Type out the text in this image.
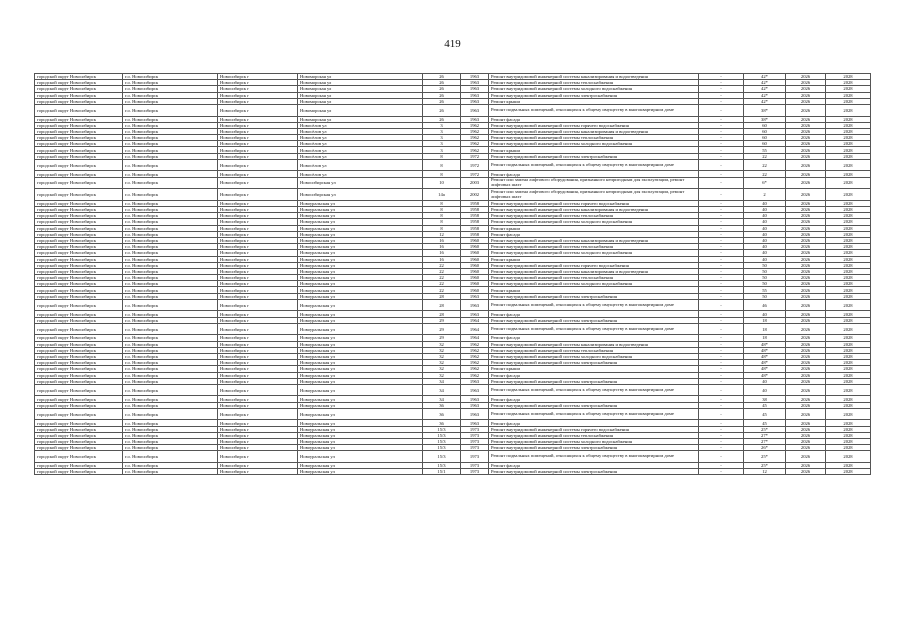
419
городской округ Новосибирск	г.о. Новосибирск	Новосибирск г	Новоморская ул	26	1963	Ремонт внутридомовой инженерной системы канализирования и водоотведения	-	42*	2026	2028
городской округ Новосибирск	г.о. Новосибирск	Новосибирск г	Новоморская ул	26	1963	Ремонт внутридомовой инженерной системы теплоснабжения	-	42*	2026	2028
городской округ Новосибирск	г.о. Новосибирск	Новосибирск г	Новоморская ул	26	1963	Ремонт внутридомовой инженерной системы холодного водоснабжения	-	42*	2026	2028
городской округ Новосибирск	г.о. Новосибирск	Новосибирск г	Новоморская ул	26	1963	Ремонт внутридомовой инженерной системы электроснабжения	-	42*	2026	2028
городской округ Новосибирск	г.о. Новосибирск	Новосибирск г	Новоморская ул	26	1963	Ремонт крыши	-	42*	2026	2028
городской округ Новосибирск	г.о. Новосибирск	Новосибирск г	Новоморская ул	26	1963	Ремонт подвальных помещений, относящихся к общему имуществу в многоквартирном доме	-	38*	2026	2028
городской округ Новосибирск	г.о. Новосибирск	Новосибирск г	Новоморская ул	26	1963	Ремонт фасада	-	38*	2026	2028
городской округ Новосибирск	г.о. Новосибирск	Новосибирск г	Новосёлов ул	3	1962	Ремонт внутридомовой инженерной системы горячего водоснабжения	-	60	2026	2028
городской округ Новосибирск	г.о. Новосибирск	Новосибирск г	Новосёлов ул	3	1962	Ремонт внутридомовой инженерной системы канализирования и водоотведения	-	60	2026	2028
городской округ Новосибирск	г.о. Новосибирск	Новосибирск г	Новосёлов ул	3	1962	Ремонт внутридомовой инженерной системы теплоснабжения	-	60	2026	2028
городской округ Новосибирск	г.о. Новосибирск	Новосибирск г	Новосёлов ул	3	1962	Ремонт внутридомовой инженерной системы холодного водоснабжения	-	60	2026	2028
городской округ Новосибирск	г.о. Новосибирск	Новосибирск г	Новосёлов ул	3	1962	Ремонт крыши	-	55	2026	2028
городской округ Новосибирск	г.о. Новосибирск	Новосибирск г	Новосёлов ул	8	1972	Ремонт внутридомовой инженерной системы электроснабжения	-	22	2026	2028
городской округ Новосибирск	г.о. Новосибирск	Новосибирск г	Новосёлов ул	8	1972	Ремонт подвальных помещений, относящихся к общему имуществу в многоквартирном доме	-	22	2026	2028
городской округ Новосибирск	г.о. Новосибирск	Новосибирск г	Новосёлов ул	8	1972	Ремонт фасада	-	22	2026	2028
городской округ Новосибирск	г.о. Новосибирск	Новосибирск г	Новосибирская ул	10	2003	Ремонт или замена лифтового оборудования, признанного непригодным для эксплуатации, ремонт лифтовых шахт	-	6*	2026	2028
городской округ Новосибирск	г.о. Новосибирск	Новосибирск г	Новосибирская ул	14а	2002	Ремонт или замена лифтового оборудования, признанного непригодным для эксплуатации, ремонт лифтовых шахт	-	2	2026	2028
городской округ Новосибирск	г.о. Новосибирск	Новосибирск г	Новоуральская ул	8	1958	Ремонт внутридомовой инженерной системы горячего водоснабжения	-	40	2026	2028
городской округ Новосибирск	г.о. Новосибирск	Новосибирск г	Новоуральская ул	8	1958	Ремонт внутридомовой инженерной системы канализирования и водоотведения	-	40	2026	2028
городской округ Новосибирск	г.о. Новосибирск	Новосибирск г	Новоуральская ул	8	1958	Ремонт внутридомовой инженерной системы теплоснабжения	-	40	2026	2028
городской округ Новосибирск	г.о. Новосибирск	Новосибирск г	Новоуральская ул	8	1958	Ремонт внутридомовой инженерной системы холодного водоснабжения	-	40	2026	2028
городской округ Новосибирск	г.о. Новосибирск	Новосибирск г	Новоуральская ул	8	1958	Ремонт крыши	-	40	2026	2028
городской округ Новосибирск	г.о. Новосибирск	Новосибирск г	Новоуральская ул	12	1958	Ремонт фасада	-	40	2026	2028
городской округ Новосибирск	г.о. Новосибирск	Новосибирск г	Новоуральская ул	16	1960	Ремонт внутридомовой инженерной системы канализирования и водоотведения	-	40	2026	2028
городской округ Новосибирск	г.о. Новосибирск	Новосибирск г	Новоуральская ул	16	1960	Ремонт внутридомовой инженерной системы теплоснабжения	-	40	2026	2028
городской округ Новосибирск	г.о. Новосибирск	Новосибирск г	Новоуральская ул	16	1960	Ремонт внутридомовой инженерной системы холодного водоснабжения	-	40	2026	2028
городской округ Новосибирск	г.о. Новосибирск	Новосибирск г	Новоуральская ул	16	1960	Ремонт крыши	-	40	2026	2028
городской округ Новосибирск	г.о. Новосибирск	Новосибирск г	Новоуральская ул	22	1960	Ремонт внутридомовой инженерной системы горячего водоснабжения	-	50	2026	2028
городской округ Новосибирск	г.о. Новосибирск	Новосибирск г	Новоуральская ул	22	1960	Ремонт внутридомовой инженерной системы канализирования и водоотведения	-	50	2026	2028
городской округ Новосибирск	г.о. Новосибирск	Новосибирск г	Новоуральская ул	22	1960	Ремонт внутридомовой инженерной системы теплоснабжения	-	50	2026	2028
городской округ Новосибирск	г.о. Новосибирск	Новосибирск г	Новоуральская ул	22	1960	Ремонт внутридомовой инженерной системы холодного водоснабжения	-	50	2026	2028
городской округ Новосибирск	г.о. Новосибирск	Новосибирск г	Новоуральская ул	22	1960	Ремонт крыши	-	55	2026	2028
городской округ Новосибирск	г.о. Новосибирск	Новосибирск г	Новоуральская ул	28	1963	Ремонт внутридомовой инженерной системы электроснабжения	-	50	2026	2028
городской округ Новосибирск	г.о. Новосибирск	Новосибирск г	Новоуральская ул	28	1963	Ремонт подвальных помещений, относящихся к общему имуществу в многоквартирном доме	-	46	2026	2028
городской округ Новосибирск	г.о. Новосибирск	Новосибирск г	Новоуральская ул	28	1963	Ремонт фасада	-	40	2026	2028
городской округ Новосибирск	г.о. Новосибирск	Новосибирск г	Новоуральская ул	29	1964	Ремонт внутридомовой инженерной системы электроснабжения	-	18	2026	2028
городской округ Новосибирск	г.о. Новосибирск	Новосибирск г	Новоуральская ул	29	1964	Ремонт подвальных помещений, относящихся к общему имуществу в многоквартирном доме	-	18	2026	2028
городской округ Новосибирск	г.о. Новосибирск	Новосибирск г	Новоуральская ул	29	1964	Ремонт фасада	-	18	2026	2028
городской округ Новосибирск	г.о. Новосибирск	Новосибирск г	Новоуральская ул	32	1962	Ремонт внутридомовой инженерной системы канализирования и водоотведения	-	48*	2026	2028
городской округ Новосибирск	г.о. Новосибирск	Новосибирск г	Новоуральская ул	32	1962	Ремонт внутридомовой инженерной системы теплоснабжения	-	48*	2026	2028
городской округ Новосибирск	г.о. Новосибирск	Новосибирск г	Новоуральская ул	32	1962	Ремонт внутридомовой инженерной системы холодного водоснабжения	-	48*	2026	2028
городской округ Новосибирск	г.о. Новосибирск	Новосибирск г	Новоуральская ул	32	1962	Ремонт внутридомовой инженерной системы электроснабжения	-	48*	2026	2028
городской округ Новосибирск	г.о. Новосибирск	Новосибирск г	Новоуральская ул	32	1962	Ремонт крыши	-	48*	2026	2028
городской округ Новосибирск	г.о. Новосибирск	Новосибирск г	Новоуральская ул	32	1962	Ремонт фасада	-	48*	2026	2028
городской округ Новосибирск	г.о. Новосибирск	Новосибирск г	Новоуральская ул	34	1963	Ремонт внутридомовой инженерной системы электроснабжения	-	40	2026	2028
городской округ Новосибирск	г.о. Новосибирск	Новосибирск г	Новоуральская ул	34	1963	Ремонт подвальных помещений, относящихся к общему имуществу в многоквартирном доме	-	40	2026	2028
городской округ Новосибирск	г.о. Новосибирск	Новосибирск г	Новоуральская ул	34	1963	Ремонт фасада	-	38	2026	2028
городской округ Новосибирск	г.о. Новосибирск	Новосибирск г	Новоуральская ул	36	1963	Ремонт внутридомовой инженерной системы электроснабжения	-	45	2026	2028
городской округ Новосибирск	г.о. Новосибирск	Новосибирск г	Новоуральская ул	36	1963	Ремонт подвальных помещений, относящихся к общему имуществу в многоквартирном доме	-	45	2026	2028
городской округ Новосибирск	г.о. Новосибирск	Новосибирск г	Новоуральская ул	36	1963	Ремонт фасада	-	45	2026	2028
городской округ Новосибирск	г.о. Новосибирск	Новосибирск г	Новоуральская ул	15/3	1973	Ремонт внутридомовой инженерной системы горячего водоснабжения	-	25*	2026	2028
городской округ Новосибирск	г.о. Новосибирск	Новосибирск г	Новоуральская ул	15/3	1973	Ремонт внутридомовой инженерной системы теплоснабжения	-	27*	2026	2028
городской округ Новосибирск	г.о. Новосибирск	Новосибирск г	Новоуральская ул	15/3	1973	Ремонт внутридомовой инженерной системы холодного водоснабжения	-	27*	2026	2028
городской округ Новосибирск	г.о. Новосибирск	Новосибирск г	Новоуральская ул	15/3	1973	Ремонт внутридомовой инженерной системы электроснабжения	-	26*	2026	2028
городской округ Новосибирск	г.о. Новосибирск	Новосибирск г	Новоуральская ул	15/3	1973	Ремонт подвальных помещений, относящихся к общему имуществу в многоквартирном доме	-	25*	2026	2028
городской округ Новосибирск	г.о. Новосибирск	Новосибирск г	Новоуральская ул	15/3	1973	Ремонт фасада	-	25*	2026	2028
городской округ Новосибирск	г.о. Новосибирск	Новосибирск г	Новоуральская ул	15/1	1973	Ремонт внутридомовой инженерной системы электроснабжения	-	12	2026	2028
